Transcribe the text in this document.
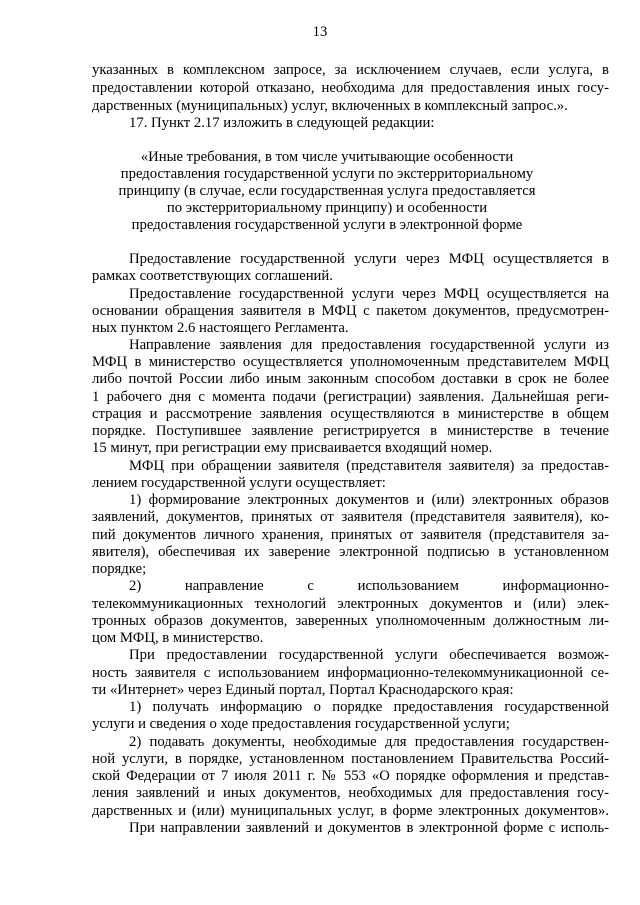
13
указанных в комплексном запросе, за исключением случаев, если услуга, в
предоставлении которой отказано, необходима для предоставления иных госу-
дарственных (муниципальных) услуг, включенных в комплексный запрос.».
17. Пункт 2.17 изложить в следующей редакции:
«Иные требования, в том числе учитывающие особенности
предоставления государственной услуги по экстерриториальному
принципу (в случае, если государственная услуга предоставляется
по экстерриториальному принципу) и особенности
предоставления государственной услуги в электронной форме
Предоставление государственной услуги через МФЦ осуществляется в
рамках соответствующих соглашений.
Предоставление государственной услуги через МФЦ осуществляется на
основании обращения заявителя в МФЦ с пакетом документов, предусмотрен-
ных пунктом 2.6 настоящего Регламента.
Направление заявления для предоставления государственной услуги из
МФЦ в министерство осуществляется уполномоченным представителем МФЦ
либо почтой России либо иным законным способом доставки в срок не более
1 рабочего дня с момента подачи (регистрации) заявления. Дальнейшая реги-
страция и рассмотрение заявления осуществляются в министерстве в общем
порядке. Поступившее заявление регистрируется в министерстве в течение
15 минут, при регистрации ему присваивается входящий номер.
МФЦ при обращении заявителя (представителя заявителя) за предостав-
лением государственной услуги осуществляет:
1) формирование электронных документов и (или) электронных образов
заявлений, документов, принятых от заявителя (представителя заявителя), ко-
пий документов личного хранения, принятых от заявителя (представителя за-
явителя), обеспечивая их заверение электронной подписью в установленном
порядке;
2) направление с использованием информационно-
телекоммуникационных технологий электронных документов и (или) элек-
тронных образов документов, заверенных уполномоченным должностным ли-
цом МФЦ, в министерство.
При предоставлении государственной услуги обеспечивается возмож-
ность заявителя с использованием информационно-телекоммуникационной се-
ти «Интернет» через Единый портал, Портал Краснодарского края:
1) получать информацию о порядке предоставления государственной
услуги и сведения о ходе предоставления государственной услуги;
2) подавать документы, необходимые для предоставления государствен-
ной услуги, в порядке, установленном постановлением Правительства Россий-
ской Федерации от 7 июля 2011 г. № 553 «О порядке оформления и представ-
ления заявлений и иных документов, необходимых для предоставления госу-
дарственных и (или) муниципальных услуг, в форме электронных документов».
При направлении заявлений и документов в электронной форме с исполь-
